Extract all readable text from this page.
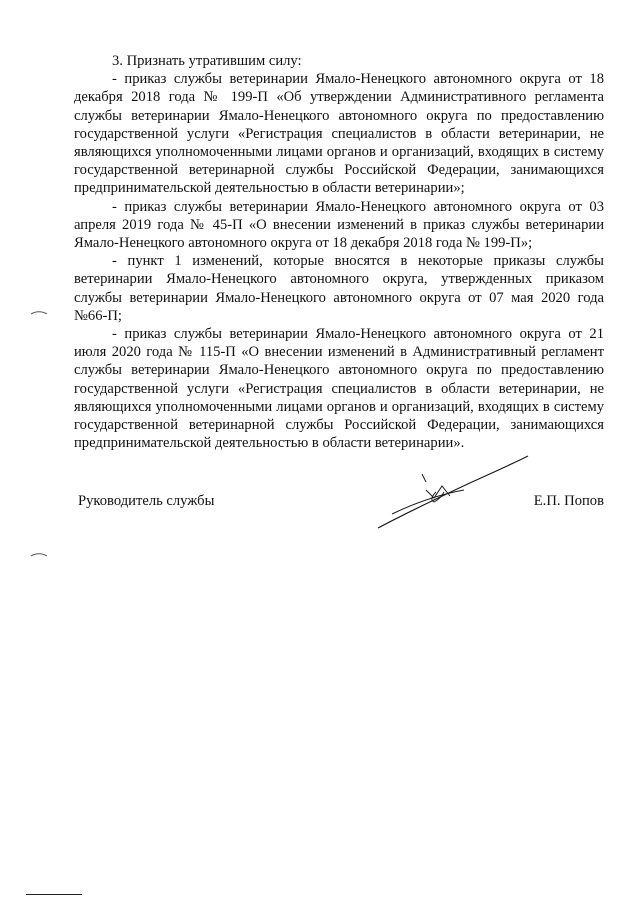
3. Признать утратившим силу:

- приказ службы ветеринарии Ямало-Ненецкого автономного округа от 18 декабря 2018 года № 199-П «Об утверждении Административного регламента службы ветеринарии Ямало-Ненецкого автономного округа по предоставлению государственной услуги «Регистрация специалистов в области ветеринарии, не являющихся уполномоченными лицами органов и организаций, входящих в систему государственной ветеринарной службы Российской Федерации, занимающихся предпринимательской деятельностью в области ветеринарии»;

- приказ службы ветеринарии Ямало-Ненецкого автономного округа от 03 апреля 2019 года № 45-П «О внесении изменений в приказ службы ветеринарии Ямало-Ненецкого автономного округа от 18 декабря 2018 года № 199-П»;

- пункт 1 изменений, которые вносятся в некоторые приказы службы ветеринарии Ямало-Ненецкого автономного округа, утвержденных приказом службы ветеринарии Ямало-Ненецкого автономного округа от 07 мая 2020 года №66-П;

- приказ службы ветеринарии Ямало-Ненецкого автономного округа от 21 июля 2020 года № 115-П «О внесении изменений в Административный регламент службы ветеринарии Ямало-Ненецкого автономного округа по предоставлению государственной услуги «Регистрация специалистов в области ветеринарии, не являющихся уполномоченными лицами органов и организаций, входящих в систему государственной ветеринарной службы Российской Федерации, занимающихся предпринимательской деятельностью в области ветеринарии».

Руководитель службы	Е.П. Попов
